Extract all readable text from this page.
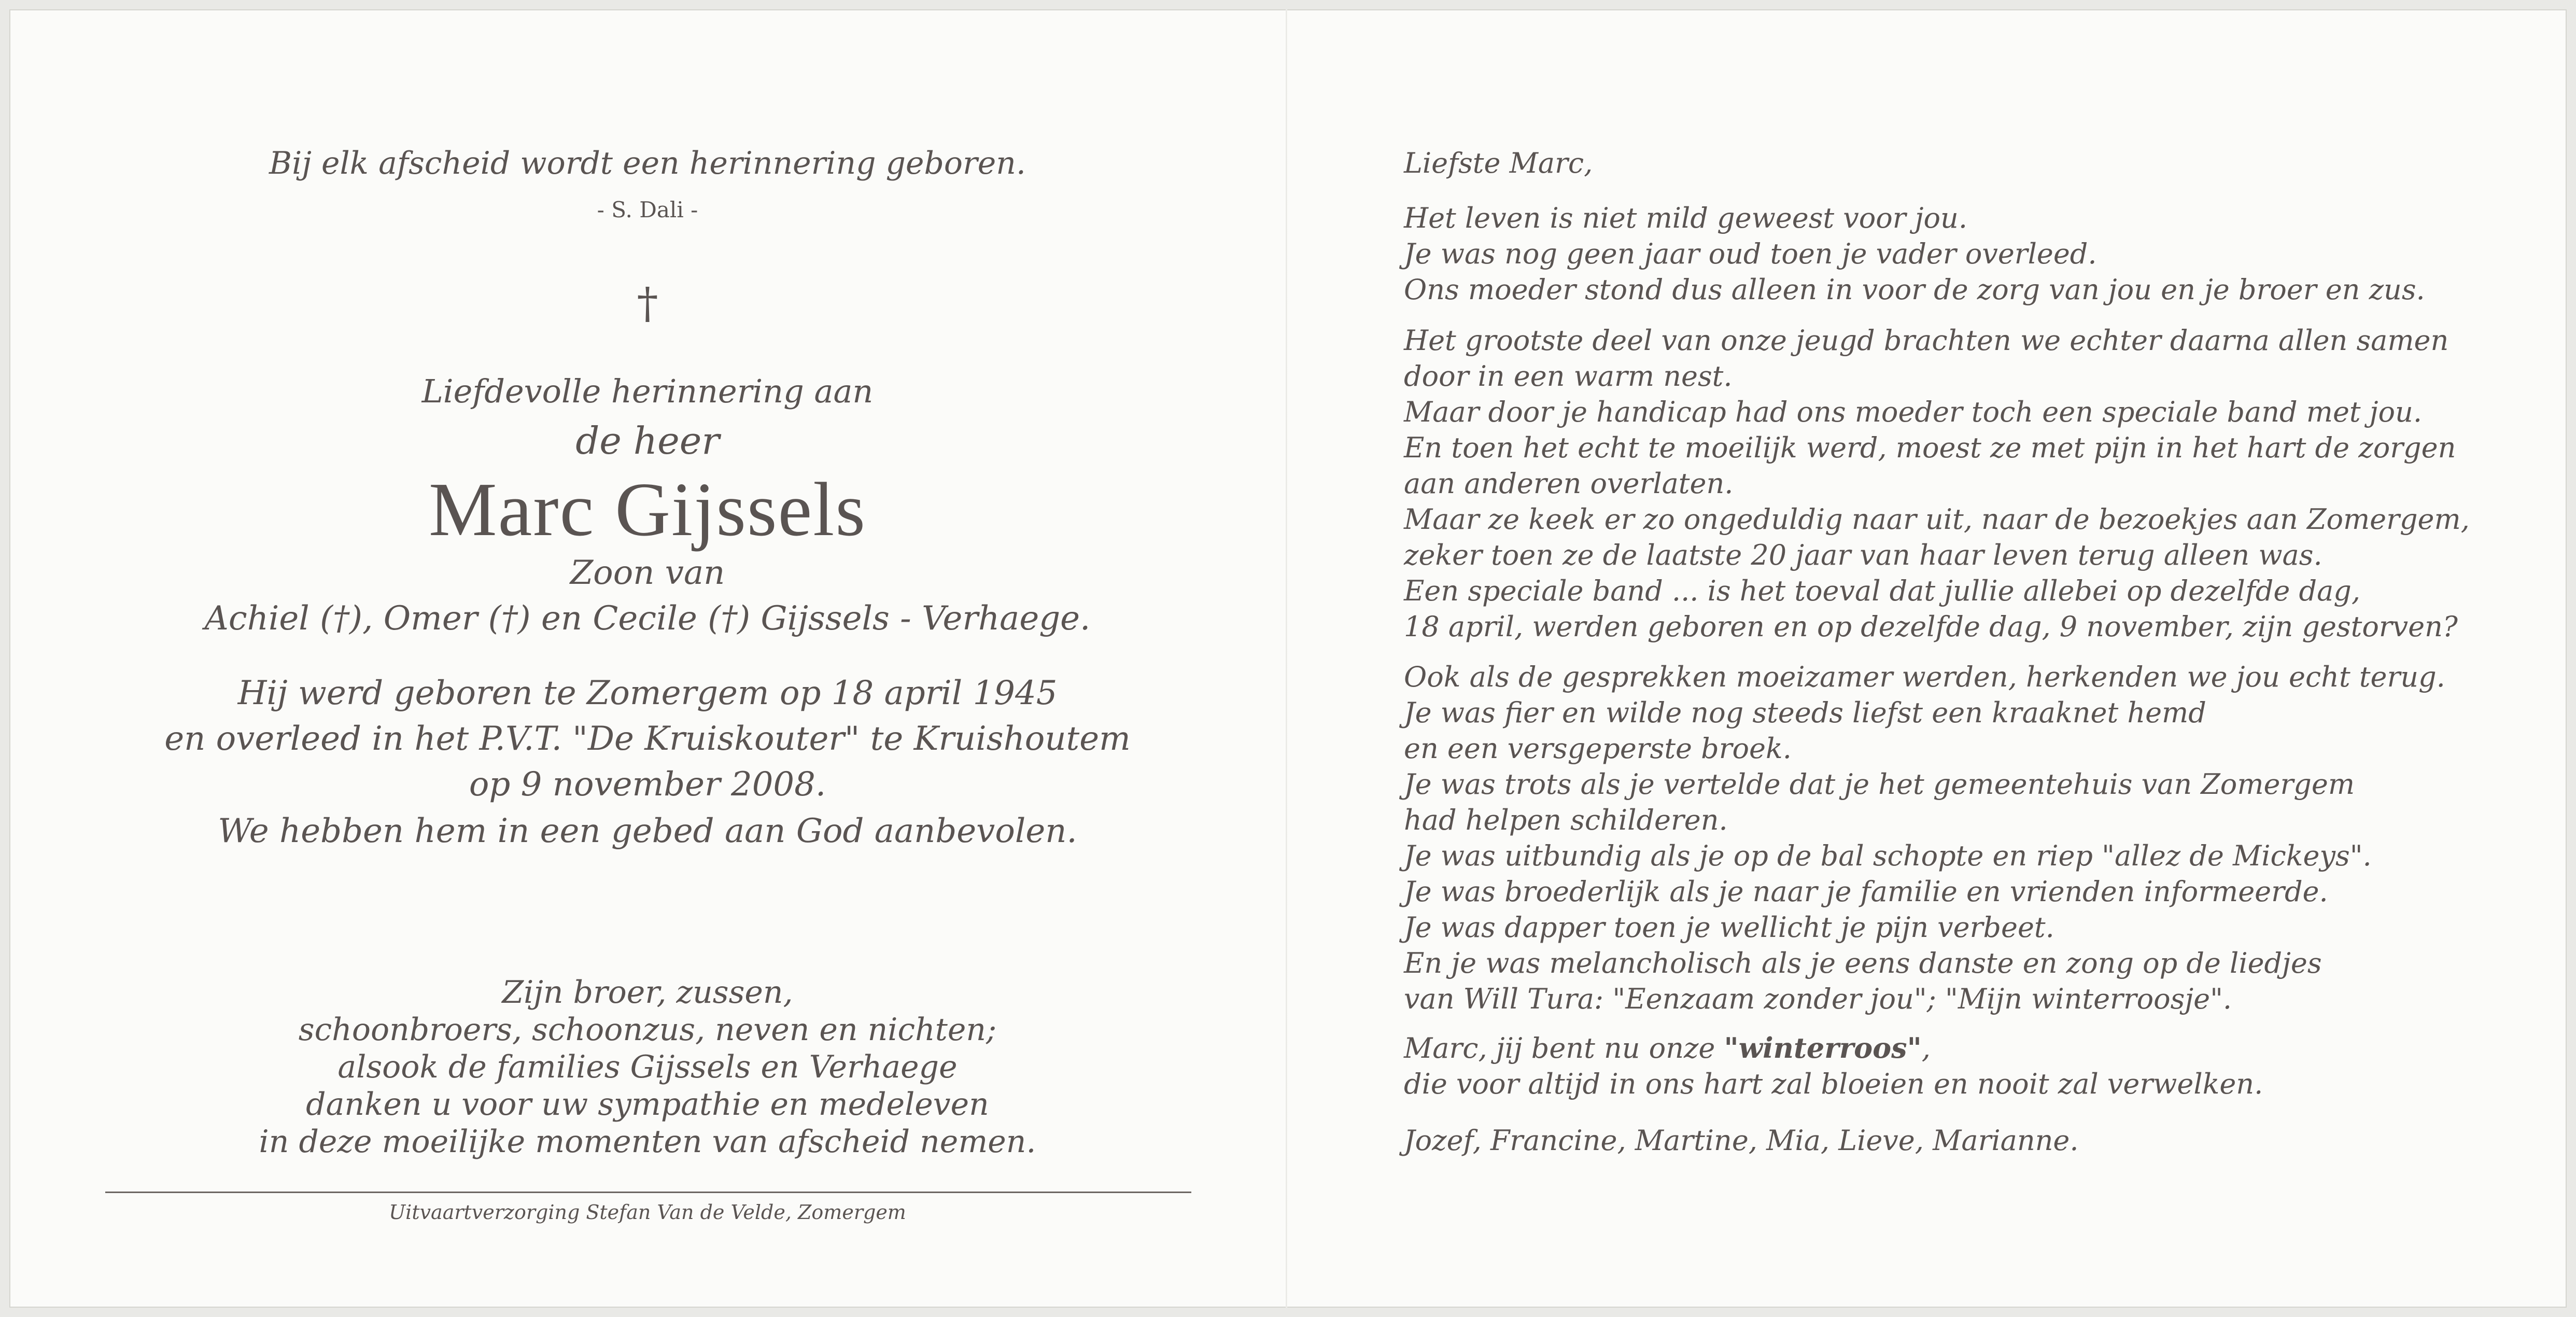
Bij elk afscheid wordt een herinnering geboren.
- S. Dali -
†
Liefdevolle herinnering aan
de heer
Marc Gijssels
Zoon van
Achiel (†), Omer (†) en Cecile (†) Gijssels - Verhaege.
Hij werd geboren te Zomergem op 18 april 1945
en overleed in het P.V.T. "De Kruiskouter" te Kruishoutem
op 9 november 2008.
We hebben hem in een gebed aan God aanbevolen.
Zijn broer, zussen,
schoonbroers, schoonzus, neven en nichten;
alsook de families Gijssels en Verhaege
danken u voor uw sympathie en medeleven
in deze moeilijke momenten van afscheid nemen.
Uitvaartverzorging Stefan Van de Velde, Zomergem
Liefste Marc,
Het leven is niet mild geweest voor jou.
Je was nog geen jaar oud toen je vader overleed.
Ons moeder stond dus alleen in voor de zorg van jou en je broer en zus.
Het grootste deel van onze jeugd brachten we echter daarna allen samen
door in een warm nest.
Maar door je handicap had ons moeder toch een speciale band met jou.
En toen het echt te moeilijk werd, moest ze met pijn in het hart de zorgen
aan anderen overlaten.
Maar ze keek er zo ongeduldig naar uit, naar de bezoekjes aan Zomergem,
zeker toen ze de laatste 20 jaar van haar leven terug alleen was.
Een speciale band ... is het toeval dat jullie allebei op dezelfde dag,
18 april, werden geboren en op dezelfde dag, 9 november, zijn gestorven?
Ook als de gesprekken moeizamer werden, herkenden we jou echt terug.
Je was fier en wilde nog steeds liefst een kraaknet hemd
en een versgeperste broek.
Je was trots als je vertelde dat je het gemeentehuis van Zomergem
had helpen schilderen.
Je was uitbundig als je op de bal schopte en riep "allez de Mickeys".
Je was broederlijk als je naar je familie en vrienden informeerde.
Je was dapper toen je wellicht je pijn verbeet.
En je was melancholisch als je eens danste en zong op de liedjes
van Will Tura: "Eenzaam zonder jou"; "Mijn winterroosje".
Marc, jij bent nu onze "winterroos",
die voor altijd in ons hart zal bloeien en nooit zal verwelken.
Jozef, Francine, Martine, Mia, Lieve, Marianne.
